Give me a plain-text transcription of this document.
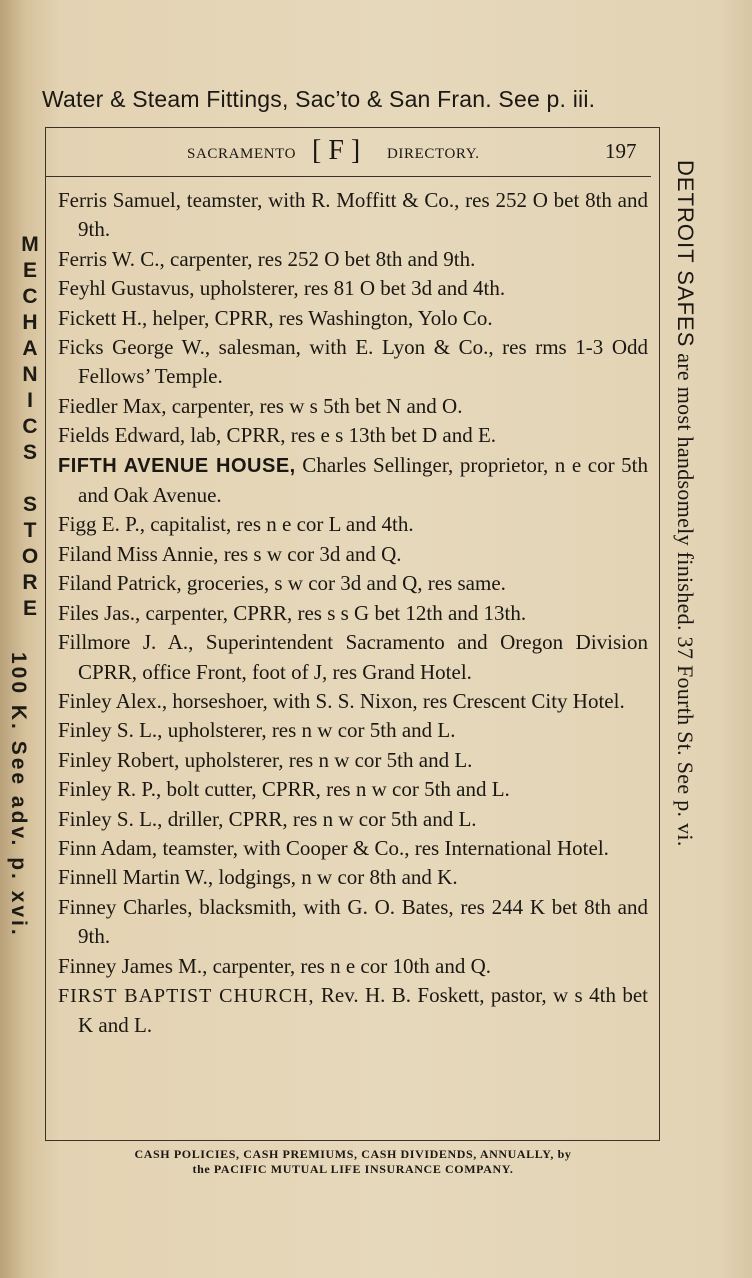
Water & Steam Fittings, Sac’to & San Fran. See p. iii.
SACRAMENTO [ F ] DIRECTORY.	197
M
E
C
H
A
N
I
C
S
S
T
O
R
E
100 K. See adv. p. xvi.
DETROIT SAFES are most handsomely finished. 37 Fourth St. See p. vi.
Ferris Samuel, teamster, with R. Moffitt & Co., res 252 O bet 8th and 9th.
Ferris W. C., carpenter, res 252 O bet 8th and 9th.
Feyhl Gustavus, upholsterer, res 81 O bet 3d and 4th.
Fickett H., helper, CPRR, res Washington, Yolo Co.
Ficks George W., salesman, with E. Lyon & Co., res rms 1-3 Odd Fellows’ Temple.
Fiedler Max, carpenter, res w s 5th bet N and O.
Fields Edward, lab, CPRR, res e s 13th bet D and E.
FIFTH AVENUE HOUSE, Charles Sellinger, proprietor, n e cor 5th and Oak Avenue.
Figg E. P., capitalist, res n e cor L and 4th.
Filand Miss Annie, res s w cor 3d and Q.
Filand Patrick, groceries, s w cor 3d and Q, res same.
Files Jas., carpenter, CPRR, res s s G bet 12th and 13th.
Fillmore J. A., Superintendent Sacramento and Oregon Division CPRR, office Front, foot of J, res Grand Hotel.
Finley Alex., horseshoer, with S. S. Nixon, res Crescent City Hotel.
Finley S. L., upholsterer, res n w cor 5th and L.
Finley Robert, upholsterer, res n w cor 5th and L.
Finley R. P., bolt cutter, CPRR, res n w cor 5th and L.
Finley S. L., driller, CPRR, res n w cor 5th and L.
Finn Adam, teamster, with Cooper & Co., res International Hotel.
Finnell Martin W., lodgings, n w cor 8th and K.
Finney Charles, blacksmith, with G. O. Bates, res 244 K bet 8th and 9th.
Finney James M., carpenter, res n e cor 10th and Q.
FIRST BAPTIST CHURCH, Rev. H. B. Foskett, pastor, w s 4th bet K and L.
CASH POLICIES, CASH PREMIUMS, CASH DIVIDENDS, ANNUALLY, by
the PACIFIC MUTUAL LIFE INSURANCE COMPANY.
